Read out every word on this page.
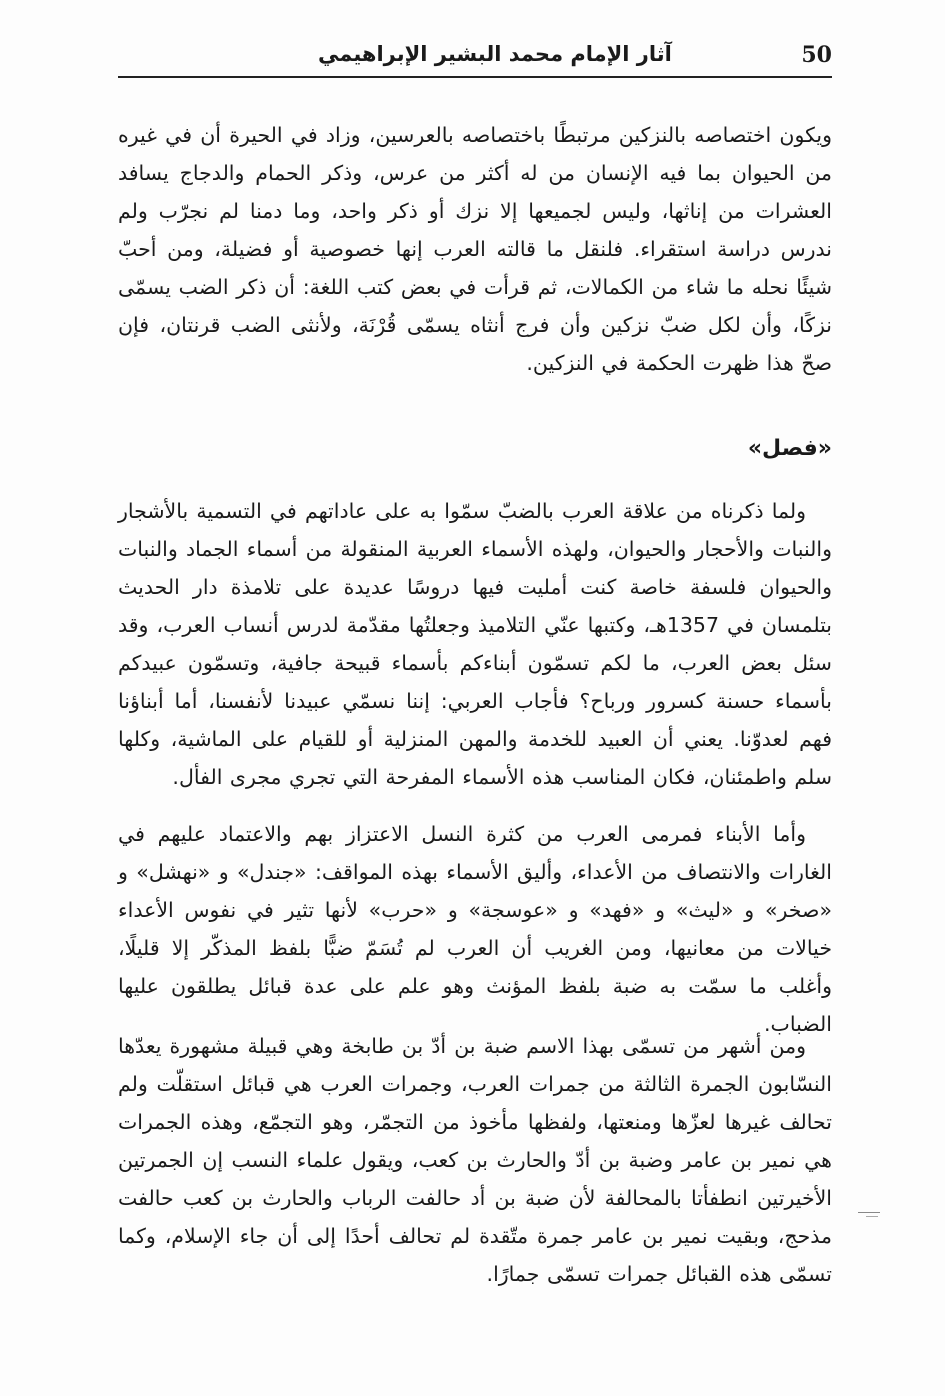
50
آثار الإمام محمد البشير الإبراهيمي

ويكون اختصاصه بالنزكين مرتبطًا باختصاصه بالعرسين، وزاد في الحيرة أن في غيره من الحيوان بما فيه الإنسان من له أكثر من عرس، وذكر الحمام والدجاج يسافد العشرات من إناثها، وليس لجميعها إلا نزك أو ذكر واحد، وما دمنا لم نجرّب ولم ندرس دراسة استقراء. فلنقل ما قالته العرب إنها خصوصية أو فضيلة، ومن أحبّ شيئًا نحله ما شاء من الكمالات، ثم قرأت في بعض كتب اللغة: أن ذكر الضب يسمّى نزكًا، وأن لكل ضبّ نزكين وأن فرج أنثاه يسمّى قُرْنَة، ولأنثى الضب قرنتان، فإن صحّ هذا ظهرت الحكمة في النزكين.

«فصل»

ولما ذكرناه من علاقة العرب بالضبّ سمّوا به على عاداتهم في التسمية بالأشجار والنبات والأحجار والحيوان، ولهذه الأسماء العربية المنقولة من أسماء الجماد والنبات والحيوان فلسفة خاصة كنت أمليت فيها دروسًا عديدة على تلامذة دار الحديث بتلمسان في 1357هـ، وكتبها عنّي التلاميذ وجعلتُها مقدّمة لدرس أنساب العرب، وقد سئل بعض العرب، ما لكم تسمّون أبناءكم بأسماء قبيحة جافية، وتسمّون عبيدكم بأسماء حسنة كسرور ورباح؟ فأجاب العربي: إننا نسمّي عبيدنا لأنفسنا، أما أبناؤنا فهم لعدوّنا. يعني أن العبيد للخدمة والمهن المنزلية أو للقيام على الماشية، وكلها سلم واطمئنان، فكان المناسب هذه الأسماء المفرحة التي تجري مجرى الفأل.

وأما الأبناء فمرمى العرب من كثرة النسل الاعتزاز بهم والاعتماد عليهم في الغارات والانتصاف من الأعداء، وأليق الأسماء بهذه المواقف: «جندل» و «نهشل» و «صخر» و «ليث» و «فهد» و «عوسجة» و «حرب» لأنها تثير في نفوس الأعداء خيالات من معانيها، ومن الغريب أن العرب لم تُسَمّ ضبًّا بلفظ المذكّر إلا قليلًا، وأغلب ما سمّت به ضبة بلفظ المؤنث وهو علم على عدة قبائل يطلقون عليها الضباب.

ومن أشهر من تسمّى بهذا الاسم ضبة بن أدّ بن طابخة وهي قبيلة مشهورة يعدّها النسّابون الجمرة الثالثة من جمرات العرب، وجمرات العرب هي قبائل استقلّت ولم تحالف غيرها لعزّها ومنعتها، ولفظها مأخوذ من التجمّر، وهو التجمّع، وهذه الجمرات هي نمير بن عامر وضبة بن أدّ والحارث بن كعب، ويقول علماء النسب إن الجمرتين الأخيرتين انطفأتا بالمحالفة لأن ضبة بن أد حالفت الرباب والحارث بن كعب حالفت مذحج، وبقيت نمير بن عامر جمرة متّقدة لم تحالف أحدًا إلى أن جاء الإسلام، وكما تسمّى هذه القبائل جمرات تسمّى جمارًا.
